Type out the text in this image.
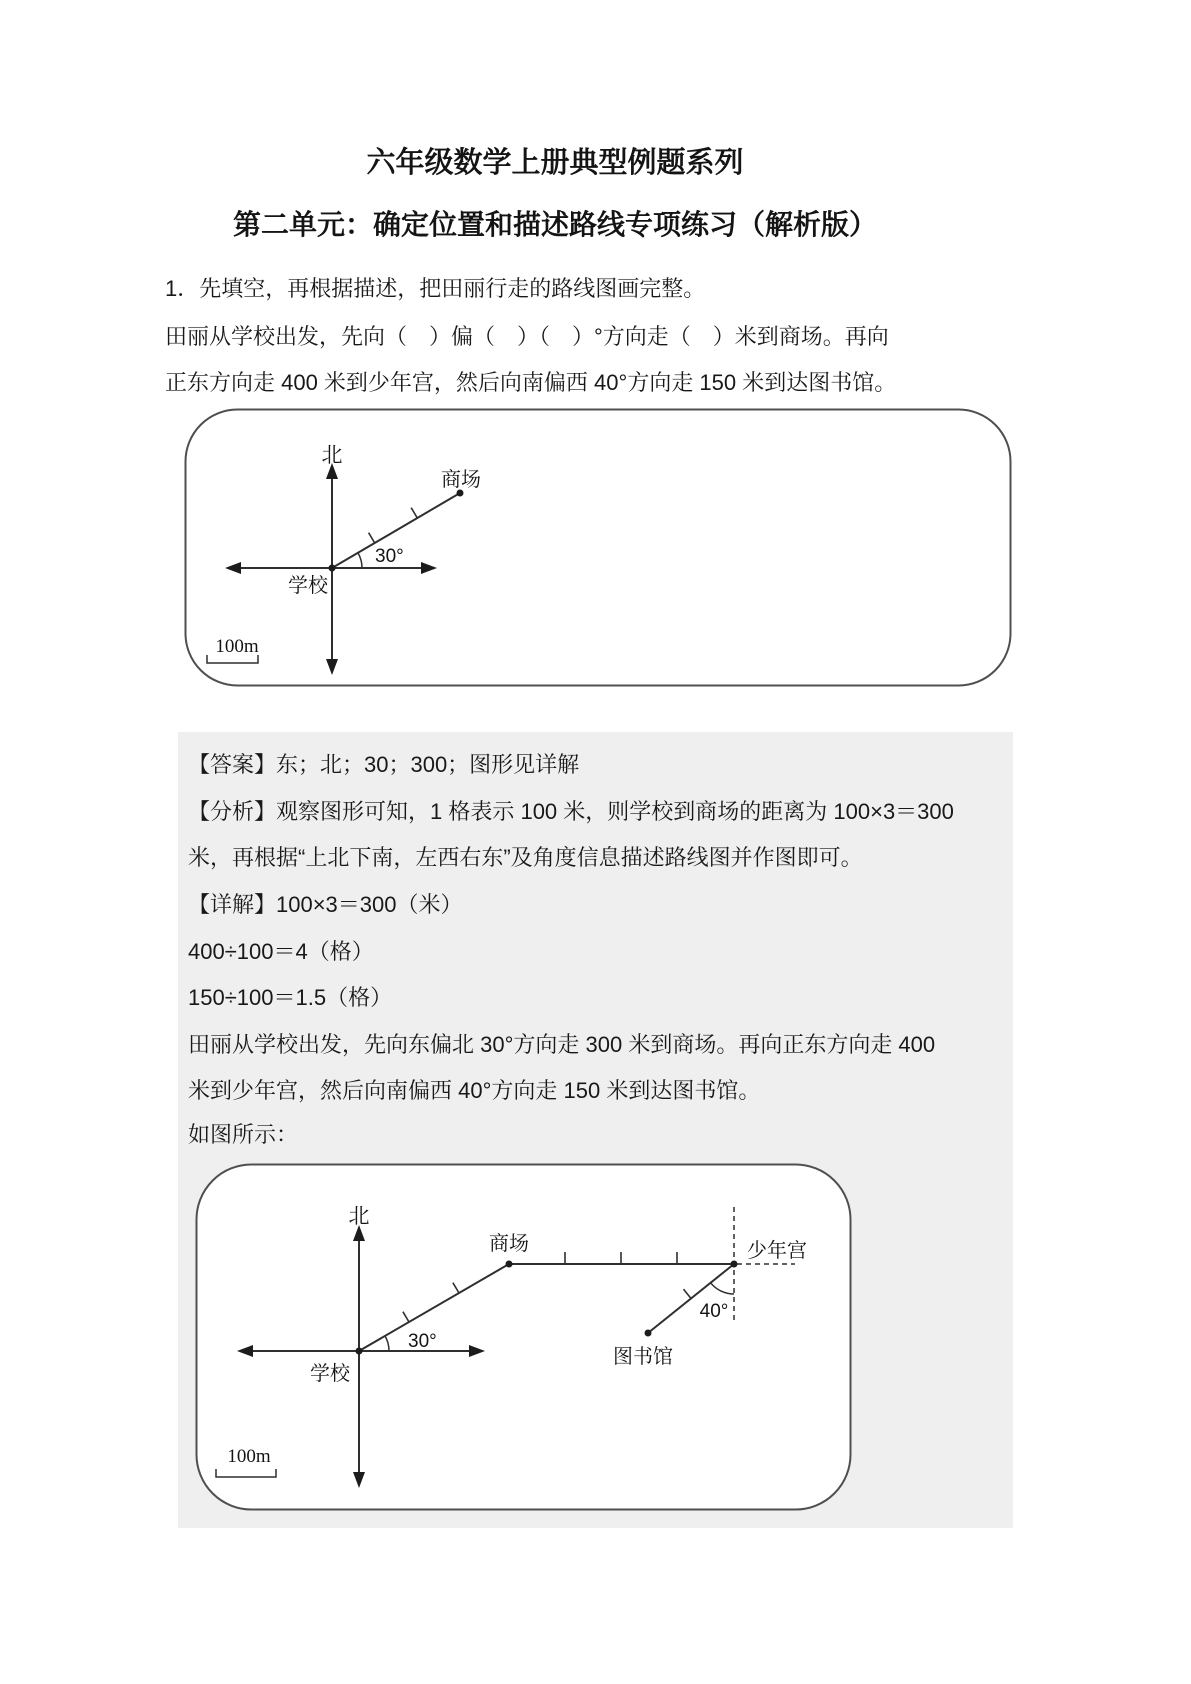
六年级数学上册典型例题系列
第二单元：确定位置和描述路线专项练习（解析版）
1．先填空，再根据描述，把田丽行走的路线图画完整。
田丽从学校出发，先向（　）偏（　）（　）°方向走（　）米到商场。再向
正东方向走 400 米到少年宫，然后向南偏西 40°方向走 150 米到达图书馆。
北
商场
学校
30°
100m
【答案】东；北；30；300；图形见详解
【分析】观察图形可知，1 格表示 100 米，则学校到商场的距离为 100×3＝300
米，再根据“上北下南，左西右东”及角度信息描述路线图并作图即可。
【详解】100×3＝300（米）
400÷100＝4（格）
150÷100＝1.5（格）
田丽从学校出发，先向东偏北 30°方向走 300 米到商场。再向正东方向走 400
米到少年宫，然后向南偏西 40°方向走 150 米到达图书馆。
如图所示：
北
商场
学校
少年宫
图书馆
30°
40°
100m
